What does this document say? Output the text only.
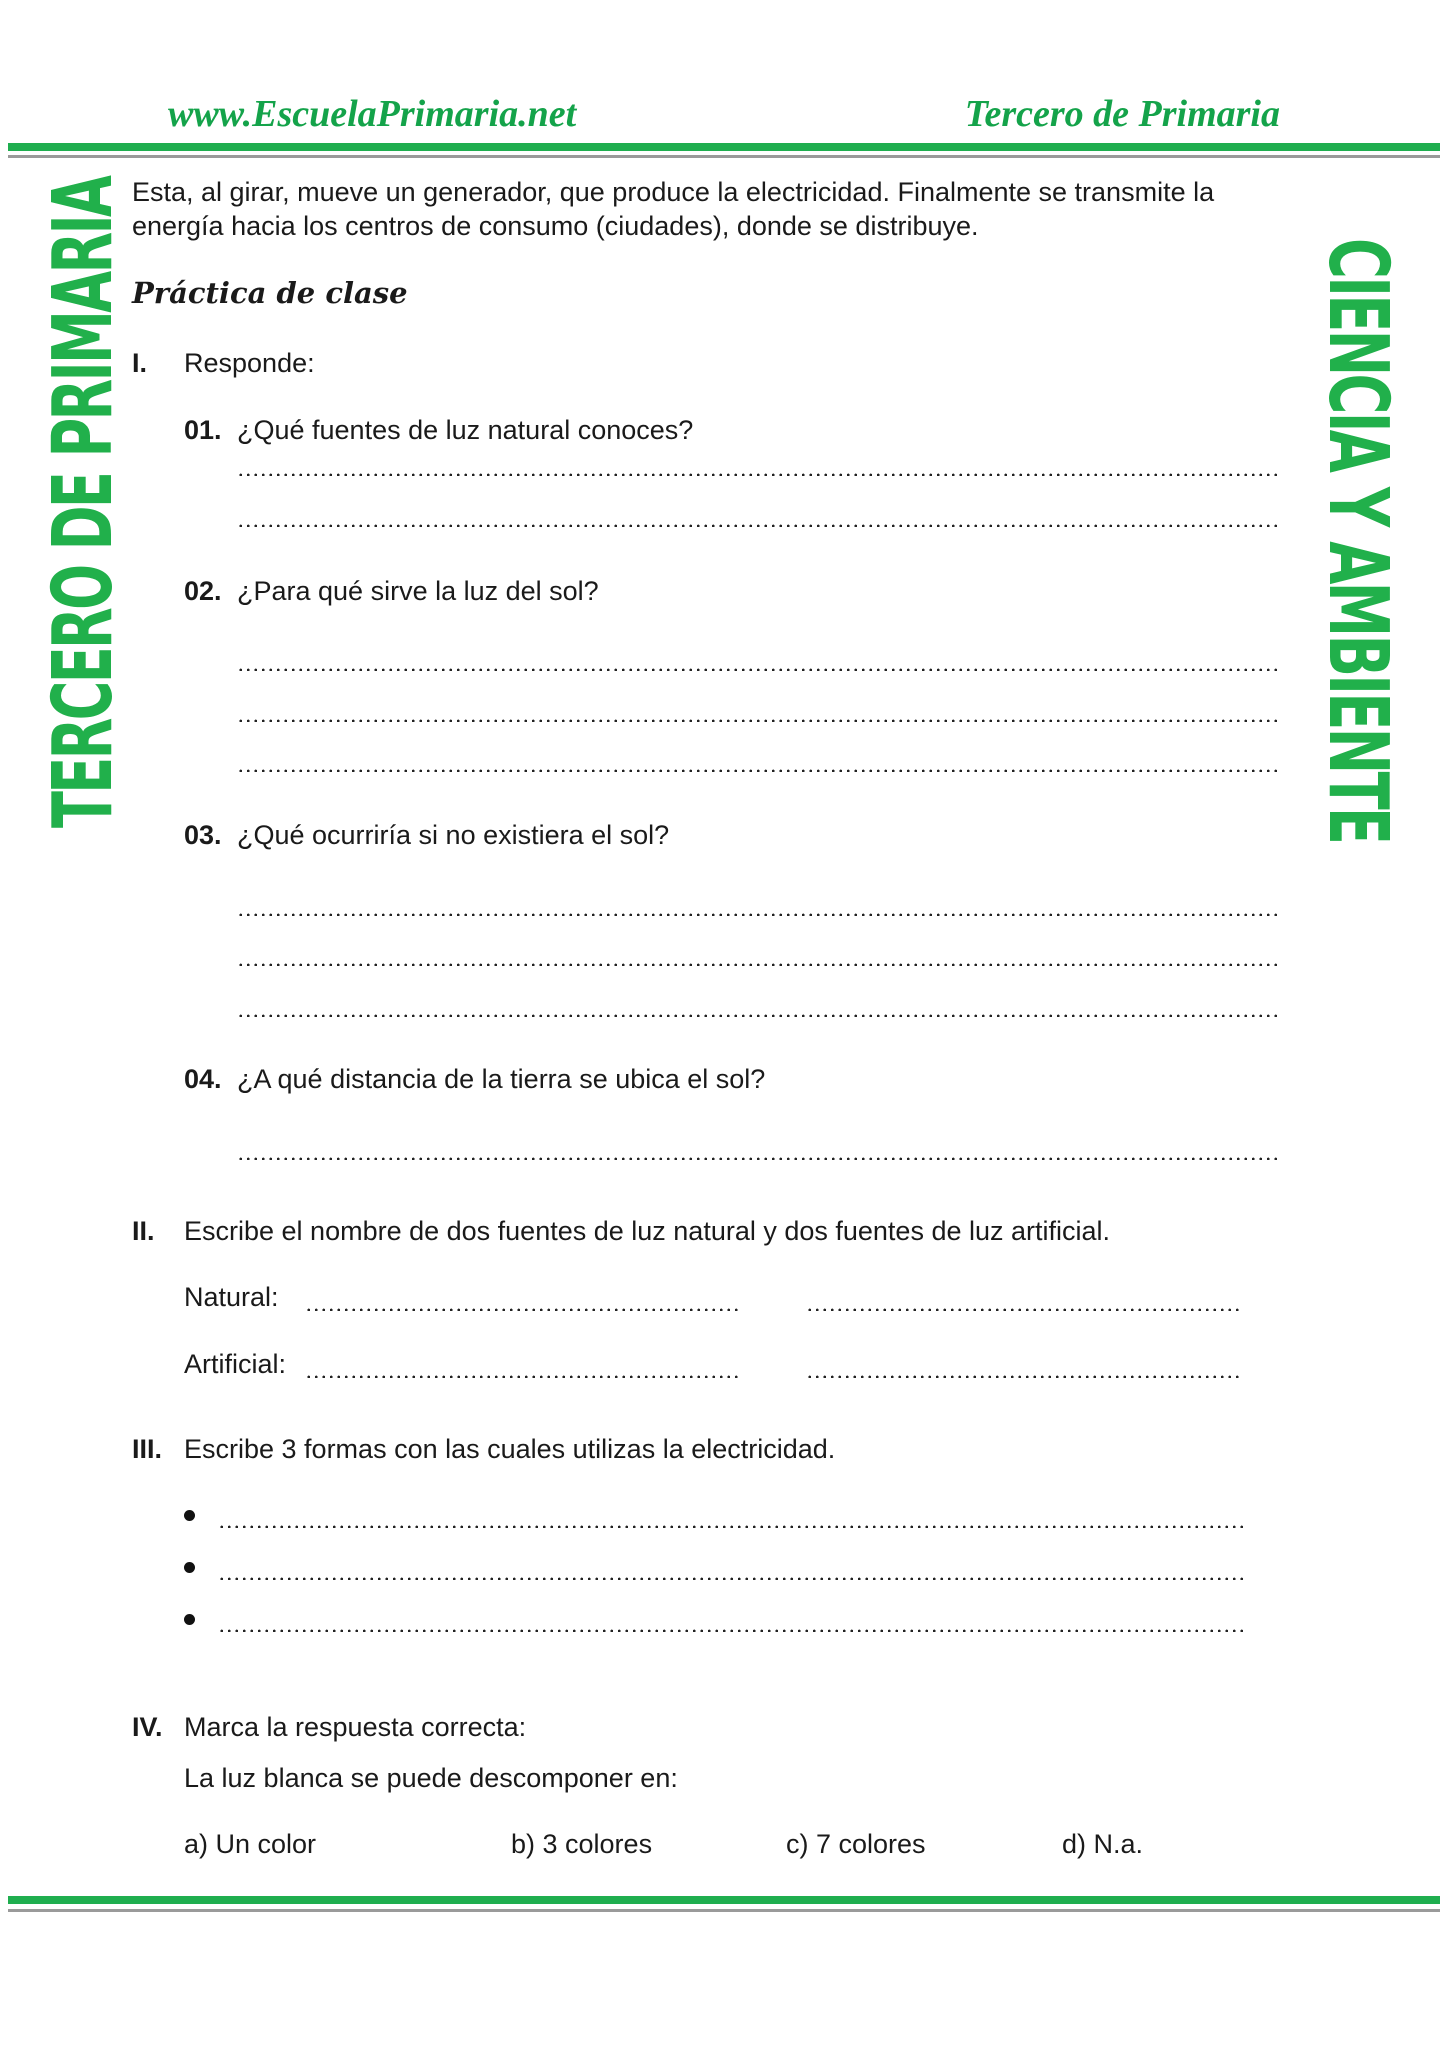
www.EscuelaPrimaria.net	Tercero de Primaria
TERCERO DE PRIMARIA	CIENCIA Y AMBIENTE
Esta, al girar, mueve un generador, que produce la electricidad. Finalmente se transmite la
energía hacia los centros de consumo (ciudades), donde se distribuye.
Práctica de clase
I. Responde:
01. ¿Qué fuentes de luz natural conoces?
02. ¿Para qué sirve la luz del sol?
03. ¿Qué ocurriría si no existiera el sol?
04. ¿A qué distancia de la tierra se ubica el sol?
II. Escribe el nombre de dos fuentes de luz natural y dos fuentes de luz artificial.
Natural:
Artificial:
III. Escribe 3 formas con las cuales utilizas la electricidad.
IV. Marca la respuesta correcta:
La luz blanca se puede descomponer en:
a) Un color	b) 3 colores	c) 7 colores	d) N.a.
